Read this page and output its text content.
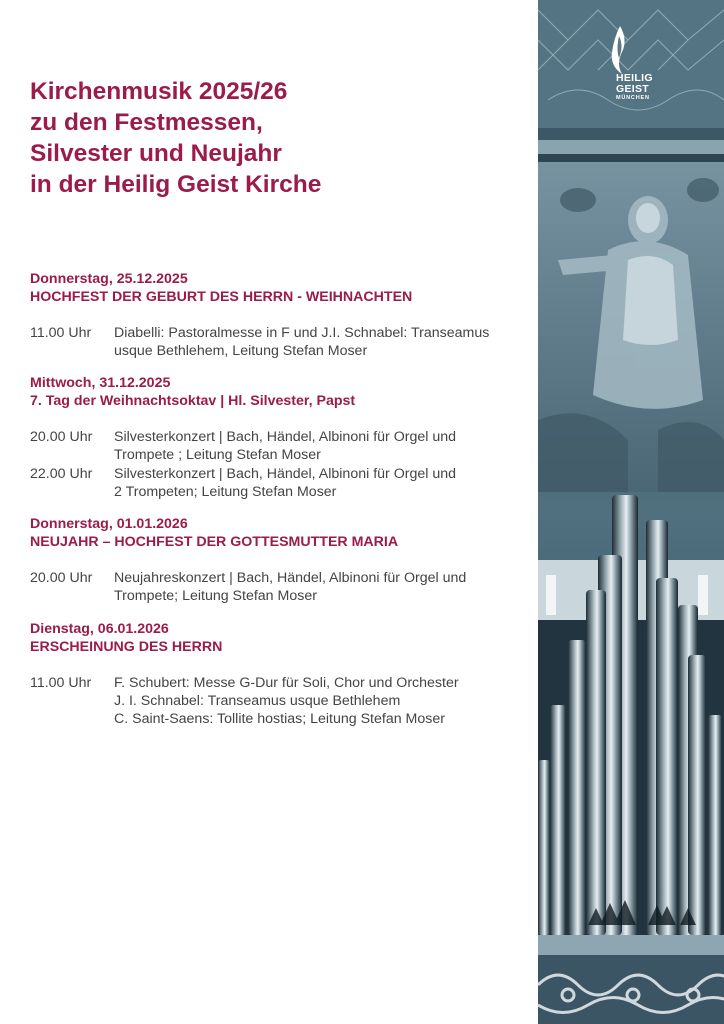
Kirchenmusik 2025/26
zu den Festmessen,
Silvester und Neujahr
in der Heilig Geist Kirche
Donnerstag, 25.12.2025
HOCHFEST DER GEBURT DES HERRN - WEIHNACHTEN
11.00 Uhr	Diabelli: Pastoralmesse in F und J.I. Schnabel: Transeamus
usque Bethlehem, Leitung Stefan Moser
Mittwoch, 31.12.2025
7. Tag der Weihnachtsoktav | Hl. Silvester, Papst
20.00 Uhr	Silvesterkonzert | Bach, Händel, Albinoni für Orgel und
Trompete ; Leitung Stefan Moser
22.00 Uhr	Silvesterkonzert | Bach, Händel, Albinoni für Orgel und
2 Trompeten; Leitung Stefan Moser
Donnerstag, 01.01.2026
NEUJAHR – HOCHFEST DER GOTTESMUTTER MARIA
20.00 Uhr	Neujahreskonzert | Bach, Händel, Albinoni für Orgel und
Trompete; Leitung Stefan Moser
Dienstag, 06.01.2026
ERSCHEINUNG DES HERRN
11.00 Uhr	F. Schubert: Messe G-Dur für Soli, Chor und Orchester
J. I. Schnabel: Transeamus usque Bethlehem
C. Saint-Saens: Tollite hostias; Leitung Stefan Moser
HEILIG
GEIST
MÜNCHEN
